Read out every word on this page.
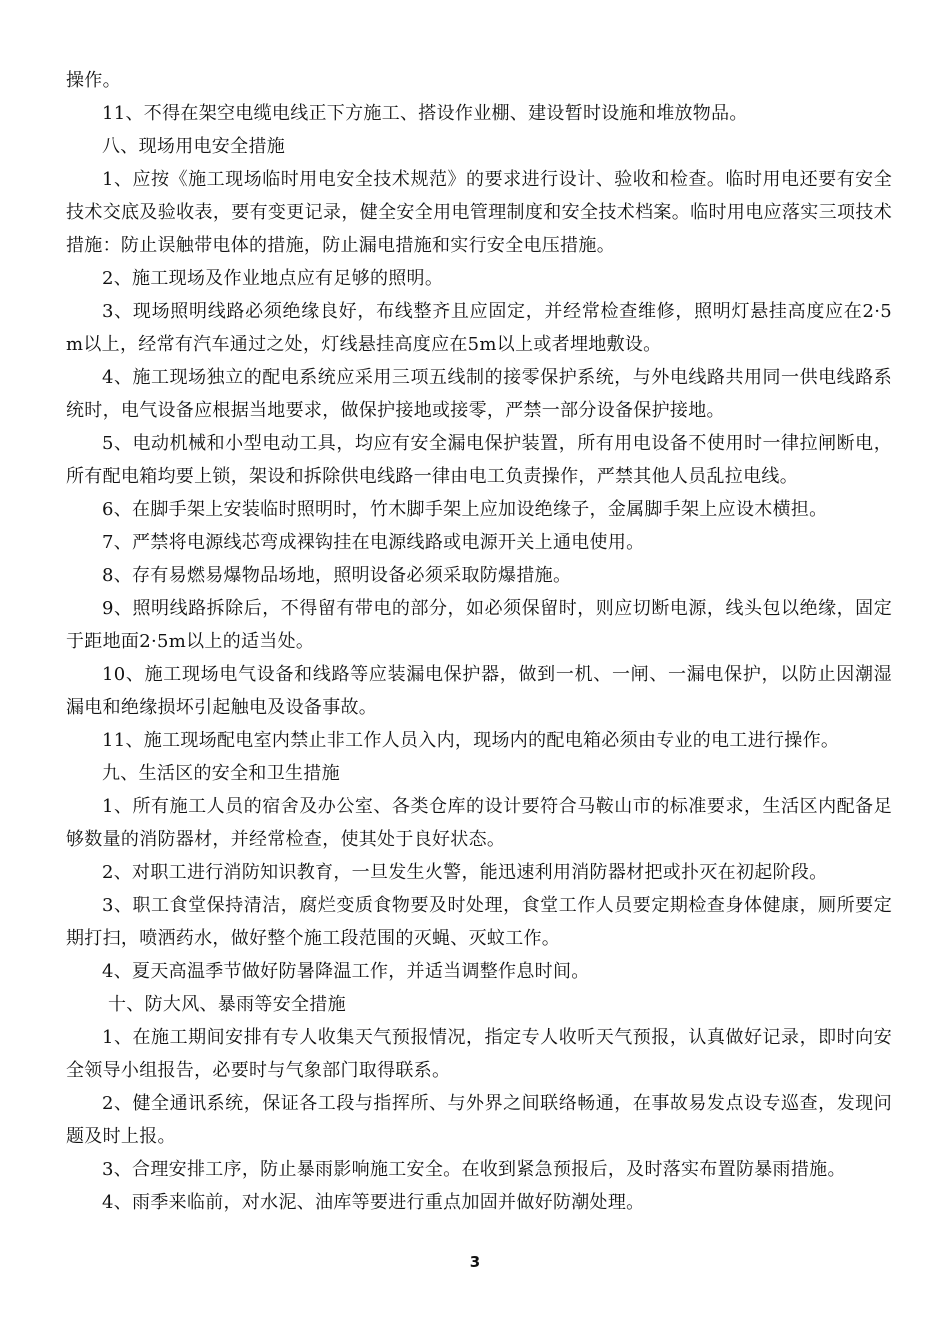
操作。

11、不得在架空电缆电线正下方施工、搭设作业棚、建设暂时设施和堆放物品。

八、现场用电安全措施

1、应按《施工现场临时用电安全技术规范》的要求进行设计、验收和检查。临时用电还要有安全技术交底及验收表，要有变更记录，健全安全用电管理制度和安全技术档案。临时用电应落实三项技术措施：防止误触带电体的措施，防止漏电措施和实行安全电压措施。

2、施工现场及作业地点应有足够的照明。

3、现场照明线路必须绝缘良好，布线整齐且应固定，并经常检查维修，照明灯悬挂高度应在2·5m以上，经常有汽车通过之处，灯线悬挂高度应在5m以上或者埋地敷设。

4、施工现场独立的配电系统应采用三项五线制的接零保护系统，与外电线路共用同一供电线路系统时，电气设备应根据当地要求，做保护接地或接零，严禁一部分设备保护接地。

5、电动机械和小型电动工具，均应有安全漏电保护装置，所有用电设备不使用时一律拉闸断电，所有配电箱均要上锁，架设和拆除供电线路一律由电工负责操作，严禁其他人员乱拉电线。

6、在脚手架上安装临时照明时，竹木脚手架上应加设绝缘子，金属脚手架上应设木横担。

7、严禁将电源线芯弯成裸钩挂在电源线路或电源开关上通电使用。

8、存有易燃易爆物品场地，照明设备必须采取防爆措施。

9、照明线路拆除后，不得留有带电的部分，如必须保留时，则应切断电源，线头包以绝缘，固定于距地面2·5m以上的适当处。

10、施工现场电气设备和线路等应装漏电保护器，做到一机、一闸、一漏电保护，以防止因潮湿漏电和绝缘损坏引起触电及设备事故。

11、施工现场配电室内禁止非工作人员入内，现场内的配电箱必须由专业的电工进行操作。

九、生活区的安全和卫生措施

1、所有施工人员的宿舍及办公室、各类仓库的设计要符合马鞍山市的标准要求，生活区内配备足够数量的消防器材，并经常检查，使其处于良好状态。

2、对职工进行消防知识教育，一旦发生火警，能迅速利用消防器材把或扑灭在初起阶段。

3、职工食堂保持清洁，腐烂变质食物要及时处理，食堂工作人员要定期检查身体健康，厕所要定期打扫，喷洒药水，做好整个施工段范围的灭蝇、灭蚊工作。

4、夏天高温季节做好防暑降温工作，并适当调整作息时间。

十、防大风、暴雨等安全措施

1、在施工期间安排有专人收集天气预报情况，指定专人收听天气预报，认真做好记录，即时向安全领导小组报告，必要时与气象部门取得联系。

2、健全通讯系统，保证各工段与指挥所、与外界之间联络畅通，在事故易发点设专巡查，发现问题及时上报。

3、合理安排工序，防止暴雨影响施工安全。在收到紧急预报后，及时落实布置防暴雨措施。

4、雨季来临前，对水泥、油库等要进行重点加固并做好防潮处理。

3
